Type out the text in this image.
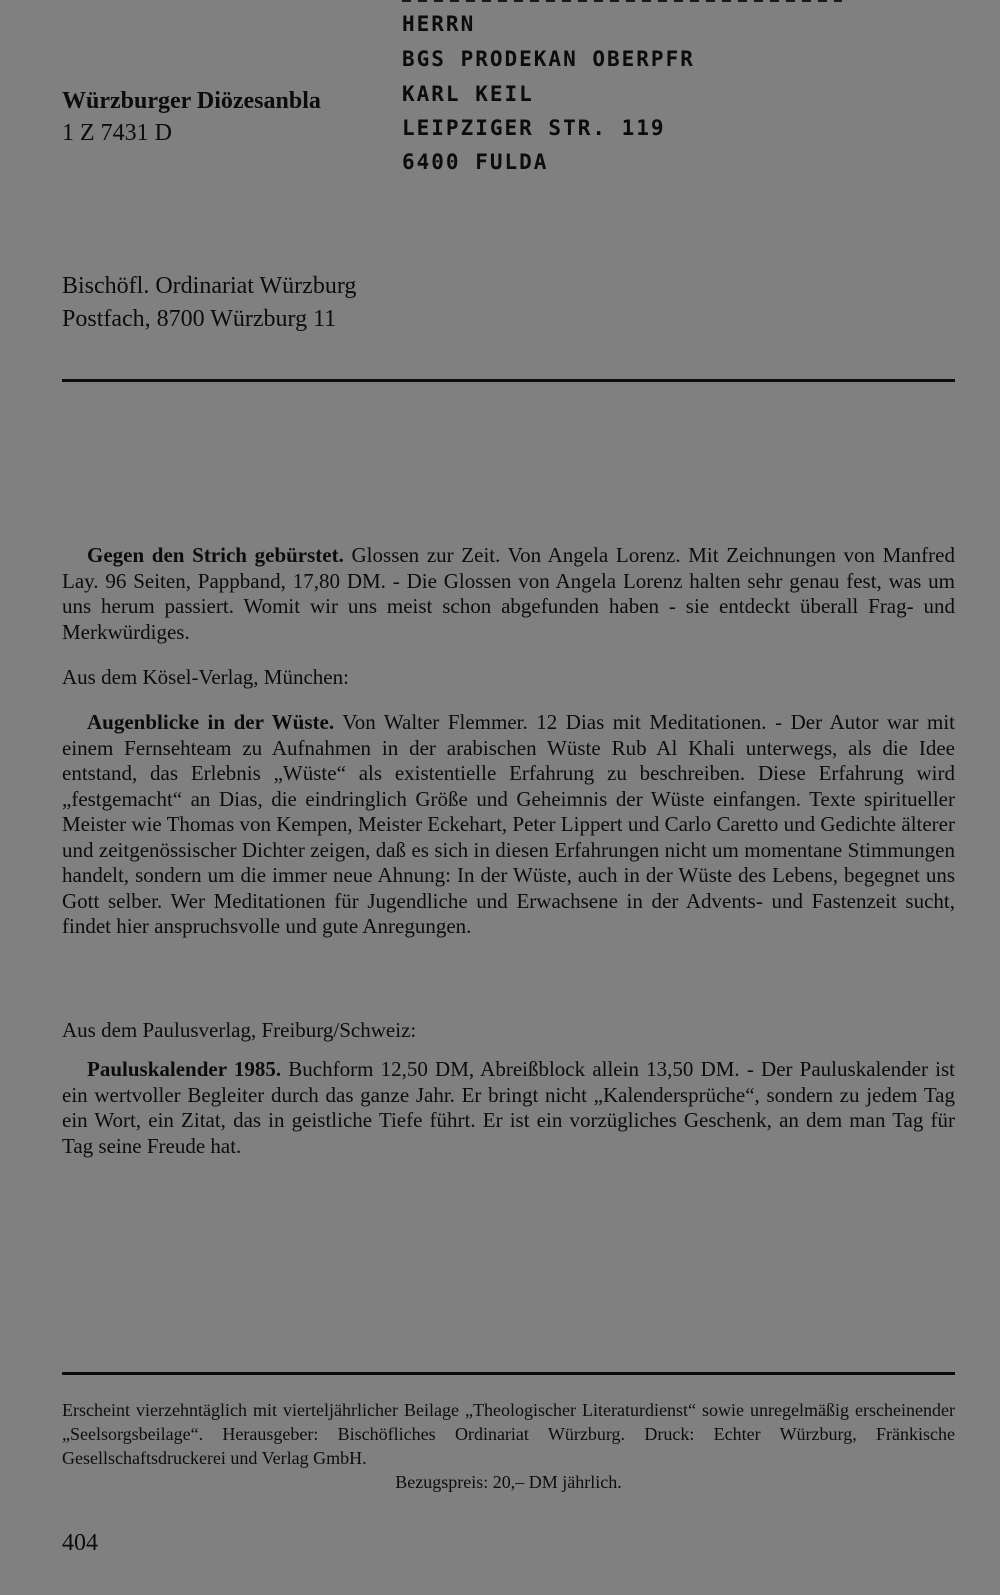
Würzburger Diözesanbla
1 Z 7431 D
HERRN
BGS PRODEKAN OBERPFR
KARL KEIL
LEIPZIGER STR. 119
6400 FULDA
Bischöfl. Ordinariat Würzburg
Postfach, 8700 Würzburg 11

Gegen den Strich gebürstet. Glossen zur Zeit. Von Angela Lorenz. Mit Zeichnungen von Manfred Lay. 96 Seiten, Pappband, 17,80 DM. - Die Glossen von Angela Lorenz halten sehr genau fest, was um uns herum passiert. Womit wir uns meist schon abgefunden haben - sie entdeckt überall Frag- und Merkwürdiges.

Aus dem Kösel-Verlag, München:

Augenblicke in der Wüste. Von Walter Flemmer. 12 Dias mit Meditationen. - Der Autor war mit einem Fernsehteam zu Aufnahmen in der arabischen Wüste Rub Al Khali unterwegs, als die Idee entstand, das Erlebnis „Wüste“ als existentielle Erfahrung zu beschreiben. Diese Erfahrung wird „festgemacht“ an Dias, die eindringlich Größe und Geheimnis der Wüste einfangen. Texte spiritueller Meister wie Thomas von Kempen, Meister Eckehart, Peter Lippert und Carlo Caretto und Gedichte älterer und zeitgenössischer Dichter zeigen, daß es sich in diesen Erfahrungen nicht um momentane Stimmungen handelt, sondern um die immer neue Ahnung: In der Wüste, auch in der Wüste des Lebens, begegnet uns Gott selber. Wer Meditationen für Jugendliche und Erwachsene in der Advents- und Fastenzeit sucht, findet hier anspruchsvolle und gute Anregungen.

Aus dem Paulusverlag, Freiburg/Schweiz:

Pauluskalender 1985. Buchform 12,50 DM, Abreißblock allein 13,50 DM. - Der Pauluskalender ist ein wertvoller Begleiter durch das ganze Jahr. Er bringt nicht „Kalendersprüche“, sondern zu jedem Tag ein Wort, ein Zitat, das in geistliche Tiefe führt. Er ist ein vorzügliches Geschenk, an dem man Tag für Tag seine Freude hat.

Erscheint vierzehntäglich mit vierteljährlicher Beilage „Theologischer Literaturdienst“ sowie unregelmäßig erscheinender „Seelsorgsbeilage“. Herausgeber: Bischöfliches Ordinariat Würzburg. Druck: Echter Würzburg, Fränkische Gesellschaftsdruckerei und Verlag GmbH.
Bezugspreis: 20,– DM jährlich.
404
